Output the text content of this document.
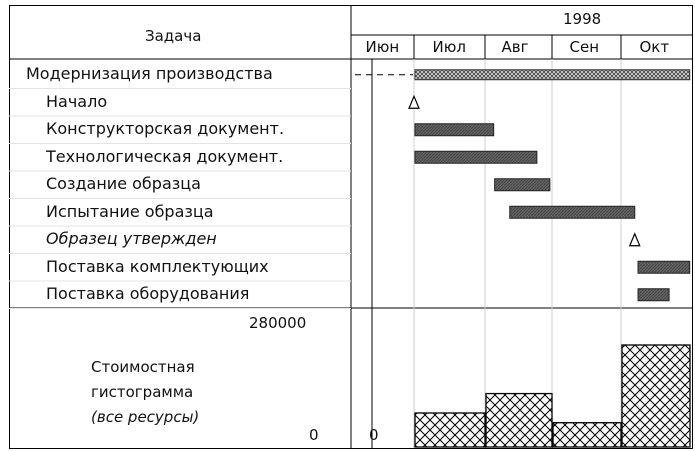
Задача
1998
Июн Июл Авг	Сен	Окт
Модернизация производства
Начало
Конструкторская документ.
Технологическая документ.
Создание образца
Испытание образца
Образец утвержден
Поставка комплектующих
Поставка оборудования
280000
Стоимостная
гистограмма
(все ресурсы)
0	0
